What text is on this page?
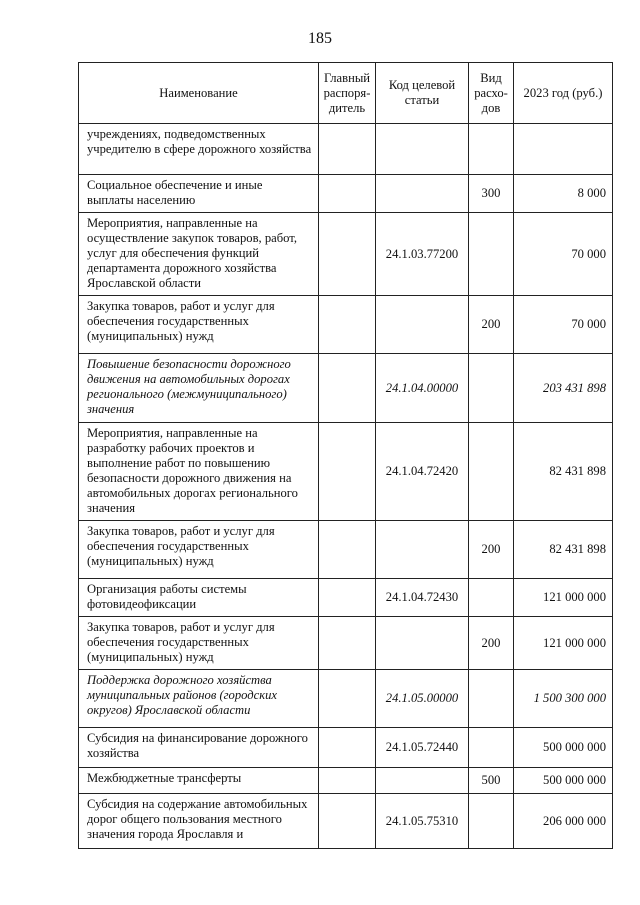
185
Наименование	Главный распоря-дитель	Код целевой статьи	Вид расхо-дов	2023 год (руб.)
учреждениях, подведомственных учредителю в сфере дорожного хозяйства				
Социальное обеспечение и иные выплаты населению			300	8 000
Мероприятия, направленные на осуществление закупок товаров, работ, услуг для обеспечения функций департамента дорожного хозяйства Ярославской области		24.1.03.77200		70 000
Закупка товаров, работ и услуг для обеспечения государственных (муниципальных) нужд			200	70 000
Повышение безопасности дорожного движения на автомобильных дорогах регионального (межмуниципального) значения		24.1.04.00000		203 431 898
Мероприятия, направленные на разработку рабочих проектов и выполнение работ по повышению безопасности дорожного движения на автомобильных дорогах регионального значения		24.1.04.72420		82 431 898
Закупка товаров, работ и услуг для обеспечения государственных (муниципальных) нужд			200	82 431 898
Организация работы системы фотовидеофиксации		24.1.04.72430		121 000 000
Закупка товаров, работ и услуг для обеспечения государственных (муниципальных) нужд			200	121 000 000
Поддержка дорожного хозяйства муниципальных районов (городских округов) Ярославской области		24.1.05.00000		1 500 300 000
Субсидия на финансирование дорожного хозяйства		24.1.05.72440		500 000 000
Межбюджетные трансферты			500	500 000 000
Субсидия на содержание автомобильных дорог общего пользования местного значения города Ярославля и		24.1.05.75310		206 000 000
